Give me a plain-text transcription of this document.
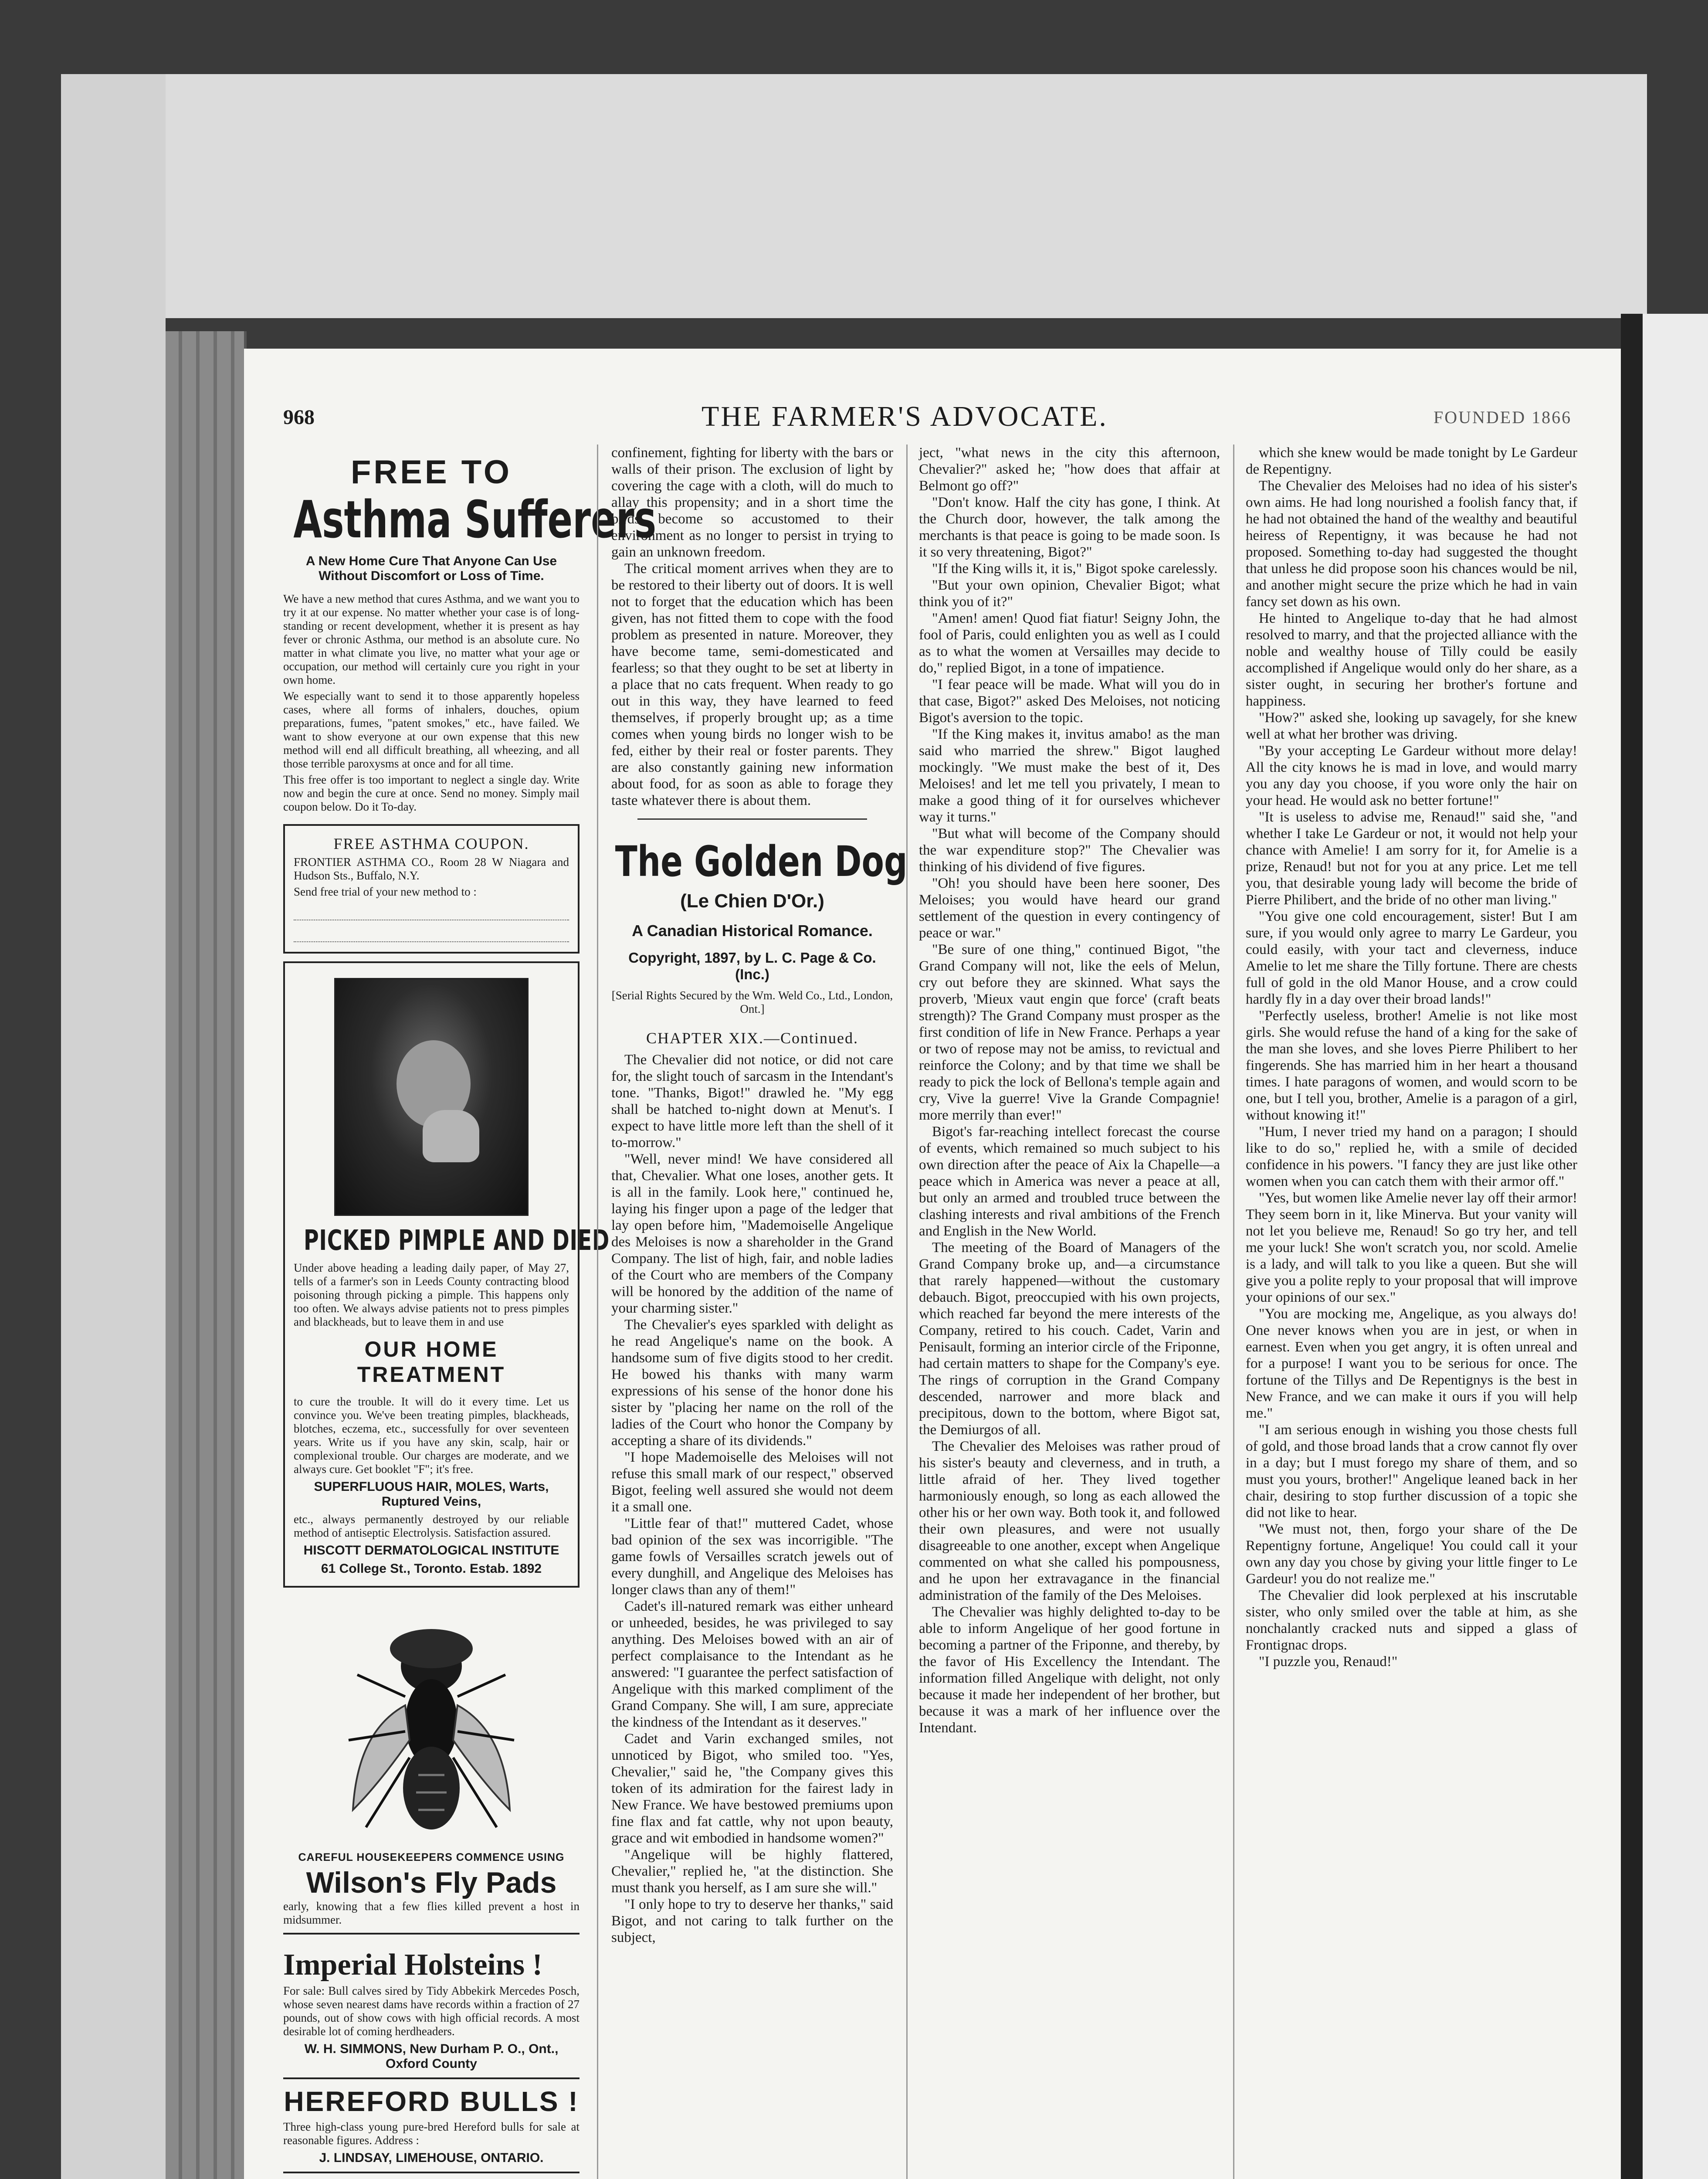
968	THE FARMER'S ADVOCATE.	FOUNDED 1866
FREE TO
Asthma Sufferers
A New Home Cure That Anyone Can Use Without Discomfort or Loss of Time.

We have a new method that cures Asthma, and we want you to try it at our expense. No matter whether your case is of long-standing or recent development, whether it is present as hay fever or chronic Asthma, our method is an absolute cure. No matter in what climate you live, no matter what your age or occupation, our method will certainly cure you right in your own home.

We especially want to send it to those apparently hopeless cases, where all forms of inhalers, douches, opium preparations, fumes, "patent smokes," etc., have failed. We want to show everyone at our own expense that this new method will end all difficult breathing, all wheezing, and all those terrible paroxysms at once and for all time.

This free offer is too important to neglect a single day. Write now and begin the cure at once. Send no money. Simply mail coupon below. Do it To-day.

FREE ASTHMA COUPON.
FRONTIER ASTHMA CO., Room 28 W Niagara and Hudson Sts., Buffalo, N.Y.
Send free trial of your new method to :
PICKED PIMPLE AND DIED

Under above heading a leading daily paper, of May 27, tells of a farmer's son in Leeds County contracting blood poisoning through picking a pimple. This happens only too often. We always advise patients not to press pimples and blackheads, but to leave them in and use

OUR HOME TREATMENT

to cure the trouble. It will do it every time. Let us convince you. We've been treating pimples, blackheads, blotches, eczema, etc., successfully for over seventeen years. Write us if you have any skin, scalp, hair or complexional trouble. Our charges are moderate, and we always cure. Get booklet "F"; it's free.

SUPERFLUOUS HAIR, MOLES, Warts, Ruptured Veins,

etc., always permanently destroyed by our reliable method of antiseptic Electrolysis. Satisfaction assured.

HISCOTT DERMATOLOGICAL INSTITUTE
61 College St., Toronto. Estab. 1892
CAREFUL HOUSEKEEPERS COMMENCE USING
Wilson's Fly Pads

early, knowing that a few flies killed prevent a host in midsummer.

Imperial Holsteins !

For sale: Bull calves sired by Tidy Abbekirk Mercedes Posch, whose seven nearest dams have records within a fraction of 27 pounds, out of show cows with high official records. A most desirable lot of coming herdheaders.

W. H. SIMMONS, New Durham P. O., Ont., Oxford County
HEREFORD BULLS !

Three high-class young pure-bred Hereford bulls for sale at reasonable figures. Address :

J. LINDSAY, LIMEHOUSE, ONTARIO.

confinement, fighting for liberty with the bars or walls of their prison. The exclusion of light by covering the cage with a cloth, will do much to allay this propensity; and in a short time the birds become so accustomed to their environment as no longer to persist in trying to gain an unknown freedom.

The critical moment arrives when they are to be restored to their liberty out of doors. It is well not to forget that the education which has been given, has not fitted them to cope with the food problem as presented in nature. Moreover, they have become tame, semi-domesticated and fearless; so that they ought to be set at liberty in a place that no cats frequent. When ready to go out in this way, they have learned to feed themselves, if properly brought up; as a time comes when young birds no longer wish to be fed, either by their real or foster parents. They are also constantly gaining new information about food, for as soon as able to forage they taste whatever there is about them.

The Golden Dog
(Le Chien D'Or.)
A Canadian Historical Romance.
Copyright, 1897, by L. C. Page & Co. (Inc.)
[Serial Rights Secured by the Wm. Weld Co., Ltd., London, Ont.]
CHAPTER XIX.—Continued.

The Chevalier did not notice, or did not care for, the slight touch of sarcasm in the Intendant's tone. "Thanks, Bigot!" drawled he. "My egg shall be hatched to-night down at Menut's. I expect to have little more left than the shell of it to-morrow."

"Well, never mind! We have considered all that, Chevalier. What one loses, another gets. It is all in the family. Look here," continued he, laying his finger upon a page of the ledger that lay open before him, "Mademoiselle Angelique des Meloises is now a shareholder in the Grand Company. The list of high, fair, and noble ladies of the Court who are members of the Company will be honored by the addition of the name of your charming sister."

The Chevalier's eyes sparkled with delight as he read Angelique's name on the book. A handsome sum of five digits stood to her credit. He bowed his thanks with many warm expressions of his sense of the honor done his sister by "placing her name on the roll of the ladies of the Court who honor the Company by accepting a share of its dividends."

"I hope Mademoiselle des Meloises will not refuse this small mark of our respect," observed Bigot, feeling well assured she would not deem it a small one.

"Little fear of that!" muttered Cadet, whose bad opinion of the sex was incorrigible. "The game fowls of Versailles scratch jewels out of every dunghill, and Angelique des Meloises has longer claws than any of them!"

Cadet's ill-natured remark was either unheard or unheeded, besides, he was privileged to say anything. Des Meloises bowed with an air of perfect complaisance to the Intendant as he answered: "I guarantee the perfect satisfaction of Angelique with this marked compliment of the Grand Company. She will, I am sure, appreciate the kindness of the Intendant as it deserves."

Cadet and Varin exchanged smiles, not unnoticed by Bigot, who smiled too. "Yes, Chevalier," said he, "the Company gives this token of its admiration for the fairest lady in New France. We have bestowed premiums upon fine flax and fat cattle, why not upon beauty, grace and wit embodied in handsome women?"

"Angelique will be highly flattered, Chevalier," replied he, "at the distinction. She must thank you herself, as I am sure she will."

"I only hope to try to deserve her thanks," said Bigot, and not caring to talk further on the subject,

ject, "what news in the city this afternoon, Chevalier?" asked he; "how does that affair at Belmont go off?"

"Don't know. Half the city has gone, I think. At the Church door, however, the talk among the merchants is that peace is going to be made soon. Is it so very threatening, Bigot?"

"If the King wills it, it is," Bigot spoke carelessly.

"But your own opinion, Chevalier Bigot; what think you of it?"

"Amen! amen! Quod fiat fiatur! Seigny John, the fool of Paris, could enlighten you as well as I could as to what the women at Versailles may decide to do," replied Bigot, in a tone of impatience.

"I fear peace will be made. What will you do in that case, Bigot?" asked Des Meloises, not noticing Bigot's aversion to the topic.

"If the King makes it, invitus amabo! as the man said who married the shrew." Bigot laughed mockingly. "We must make the best of it, Des Meloises! and let me tell you privately, I mean to make a good thing of it for ourselves whichever way it turns."

"But what will become of the Company should the war expenditure stop?" The Chevalier was thinking of his dividend of five figures.

"Oh! you should have been here sooner, Des Meloises; you would have heard our grand settlement of the question in every contingency of peace or war."

"Be sure of one thing," continued Bigot, "the Grand Company will not, like the eels of Melun, cry out before they are skinned. What says the proverb, 'Mieux vaut engin que force' (craft beats strength)? The Grand Company must prosper as the first condition of life in New France. Perhaps a year or two of repose may not be amiss, to revictual and reinforce the Colony; and by that time we shall be ready to pick the lock of Bellona's temple again and cry, Vive la guerre! Vive la Grande Compagnie! more merrily than ever!"

Bigot's far-reaching intellect forecast the course of events, which remained so much subject to his own direction after the peace of Aix la Chapelle—a peace which in America was never a peace at all, but only an armed and troubled truce between the clashing interests and rival ambitions of the French and English in the New World.

The meeting of the Board of Managers of the Grand Company broke up, and—a circumstance that rarely happened—without the customary debauch. Bigot, preoccupied with his own projects, which reached far beyond the mere interests of the Company, retired to his couch. Cadet, Varin and Penisault, forming an interior circle of the Friponne, had certain matters to shape for the Company's eye. The rings of corruption in the Grand Company descended, narrower and more black and precipitous, down to the bottom, where Bigot sat, the Demiurgos of all.

The Chevalier des Meloises was rather proud of his sister's beauty and cleverness, and in truth, a little afraid of her. They lived together harmoniously enough, so long as each allowed the other his or her own way. Both took it, and followed their own pleasures, and were not usually disagreeable to one another, except when Angelique commented on what she called his pompousness, and he upon her extravagance in the financial administration of the family of the Des Meloises.

The Chevalier was highly delighted to-day to be able to inform Angelique of her good fortune in becoming a partner of the Friponne, and thereby, by the favor of His Excellency the Intendant. The information filled Angelique with delight, not only because it made her independent of her brother, but because it was a mark of her influence over the Intendant.

which she knew would be made tonight by Le Gardeur de Repentigny.

The Chevalier des Meloises had no idea of his sister's own aims. He had long nourished a foolish fancy that, if he had not obtained the hand of the wealthy and beautiful heiress of Repentigny, it was because he had not proposed. Something to-day had suggested the thought that unless he did propose soon his chances would be nil, and another might secure the prize which he had in vain fancy set down as his own.

He hinted to Angelique to-day that he had almost resolved to marry, and that the projected alliance with the noble and wealthy house of Tilly could be easily accomplished if Angelique would only do her share, as a sister ought, in securing her brother's fortune and happiness.

"How?" asked she, looking up savagely, for she knew well at what her brother was driving.

"By your accepting Le Gardeur without more delay! All the city knows he is mad in love, and would marry you any day you choose, if you wore only the hair on your head. He would ask no better fortune!"

"It is useless to advise me, Renaud!" said she, "and whether I take Le Gardeur or not, it would not help your chance with Amelie! I am sorry for it, for Amelie is a prize, Renaud! but not for you at any price. Let me tell you, that desirable young lady will become the bride of Pierre Philibert, and the bride of no other man living."

"You give one cold encouragement, sister! But I am sure, if you would only agree to marry Le Gardeur, you could easily, with your tact and cleverness, induce Amelie to let me share the Tilly fortune. There are chests full of gold in the old Manor House, and a crow could hardly fly in a day over their broad lands!"

"Perfectly useless, brother! Amelie is not like most girls. She would refuse the hand of a king for the sake of the man she loves, and she loves Pierre Philibert to her fingerends. She has married him in her heart a thousand times. I hate paragons of women, and would scorn to be one, but I tell you, brother, Amelie is a paragon of a girl, without knowing it!"

"Hum, I never tried my hand on a paragon; I should like to do so," replied he, with a smile of decided confidence in his powers. "I fancy they are just like other women when you can catch them with their armor off."

"Yes, but women like Amelie never lay off their armor! They seem born in it, like Minerva. But your vanity will not let you believe me, Renaud! So go try her, and tell me your luck! She won't scratch you, nor scold. Amelie is a lady, and will talk to you like a queen. But she will give you a polite reply to your proposal that will improve your opinions of our sex."

"You are mocking me, Angelique, as you always do! One never knows when you are in jest, or when in earnest. Even when you get angry, it is often unreal and for a purpose! I want you to be serious for once. The fortune of the Tillys and De Repentignys is the best in New France, and we can make it ours if you will help me."

"I am serious enough in wishing you those chests full of gold, and those broad lands that a crow cannot fly over in a day; but I must forego my share of them, and so must you yours, brother!" Angelique leaned back in her chair, desiring to stop further discussion of a topic she did not like to hear.

"We must not, then, forgo your share of the De Repentigny fortune, Angelique! You could call it your own any day you chose by giving your little finger to Le Gardeur! you do not realize me."

The Chevalier did look perplexed at his inscrutable sister, who only smiled over the table at him, as she nonchalantly cracked nuts and sipped a glass of Frontignac drops.

"I puzzle you, Renaud!"
